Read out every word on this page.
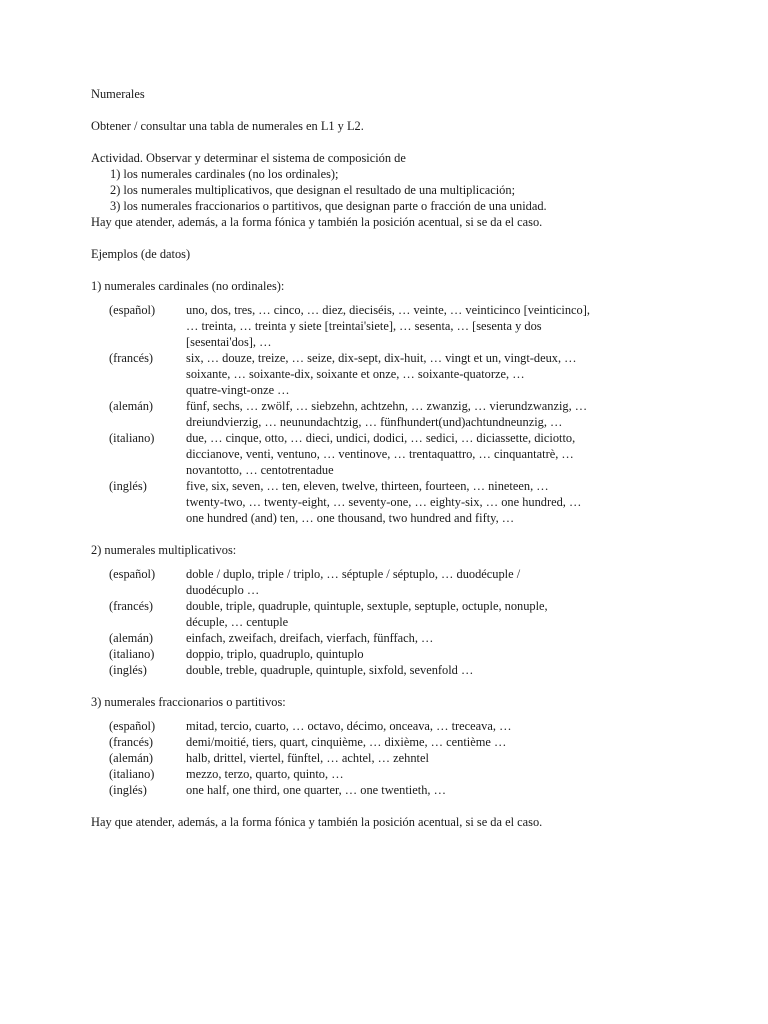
Numerales
Obtener / consultar una tabla de numerales en L1 y L2.
Actividad. Observar y determinar el sistema de composición de
1) los numerales cardinales (no los ordinales);
2) los numerales multiplicativos, que designan el resultado de una multiplicación;
3) los numerales fraccionarios o partitivos, que designan parte o fracción de una unidad.
Hay que atender, además, a la forma fónica y también la posición acentual, si se da el caso.
Ejemplos (de datos)
1) numerales cardinales (no ordinales):
(español)	uno, dos, tres, … cinco, … diez, dieciséis, … veinte, … veinticinco [veinticinco],
… treinta, … treinta y siete [treintai'siete], … sesenta, … [sesenta y dos
[sesentai'dos], …
(francés)	six, … douze, treize, … seize, dix-sept, dix-huit, … vingt et un, vingt-deux, …
soixante, … soixante-dix, soixante et onze, … soixante-quatorze, …
quatre-vingt-onze …
(alemán)	fünf, sechs, … zwölf, … siebzehn, achtzehn, … zwanzig, … vierundzwanzig, …
dreiundvierzig, … neunundachtzig, … fünfhundert(und)achtundneunzig, …
(italiano)	due, … cinque, otto, … dieci, undici, dodici, … sedici, … diciassette, diciotto,
diccianove, venti, ventuno, … ventinove, … trentaquattro, … cinquantatrè, …
novantotto, … centotrentadue
(inglés)	five, six, seven, … ten, eleven, twelve, thirteen, fourteen, … nineteen, …
twenty-two, … twenty-eight, … seventy-one, … eighty-six, … one hundred, …
one hundred (and) ten, … one thousand, two hundred and fifty, …
2) numerales multiplicativos:
(español)	doble / duplo, triple / triplo, … séptuple / séptuplo, … duodécuple /
duodécuplo …
(francés)	double, triple, quadruple, quintuple, sextuple, septuple, octuple, nonuple,
décuple, … centuple
(alemán)	einfach, zweifach, dreifach, vierfach, fünffach, …
(italiano)	doppio, triplo, quadruplo, quintuplo
(inglés)	double, treble, quadruple, quintuple, sixfold, sevenfold …
3) numerales fraccionarios o partitivos:
(español)	mitad, tercio, cuarto, … octavo, décimo, onceava, … treceava, …
(francés)	demi/moitié, tiers, quart, cinquième, … dixième, … centième …
(alemán)	halb, drittel, viertel, fünftel, … achtel, … zehntel
(italiano)	mezzo, terzo, quarto, quinto, …
(inglés)	one half, one third, one quarter, … one twentieth, …
Hay que atender, además, a la forma fónica y también la posición acentual, si se da el caso.
